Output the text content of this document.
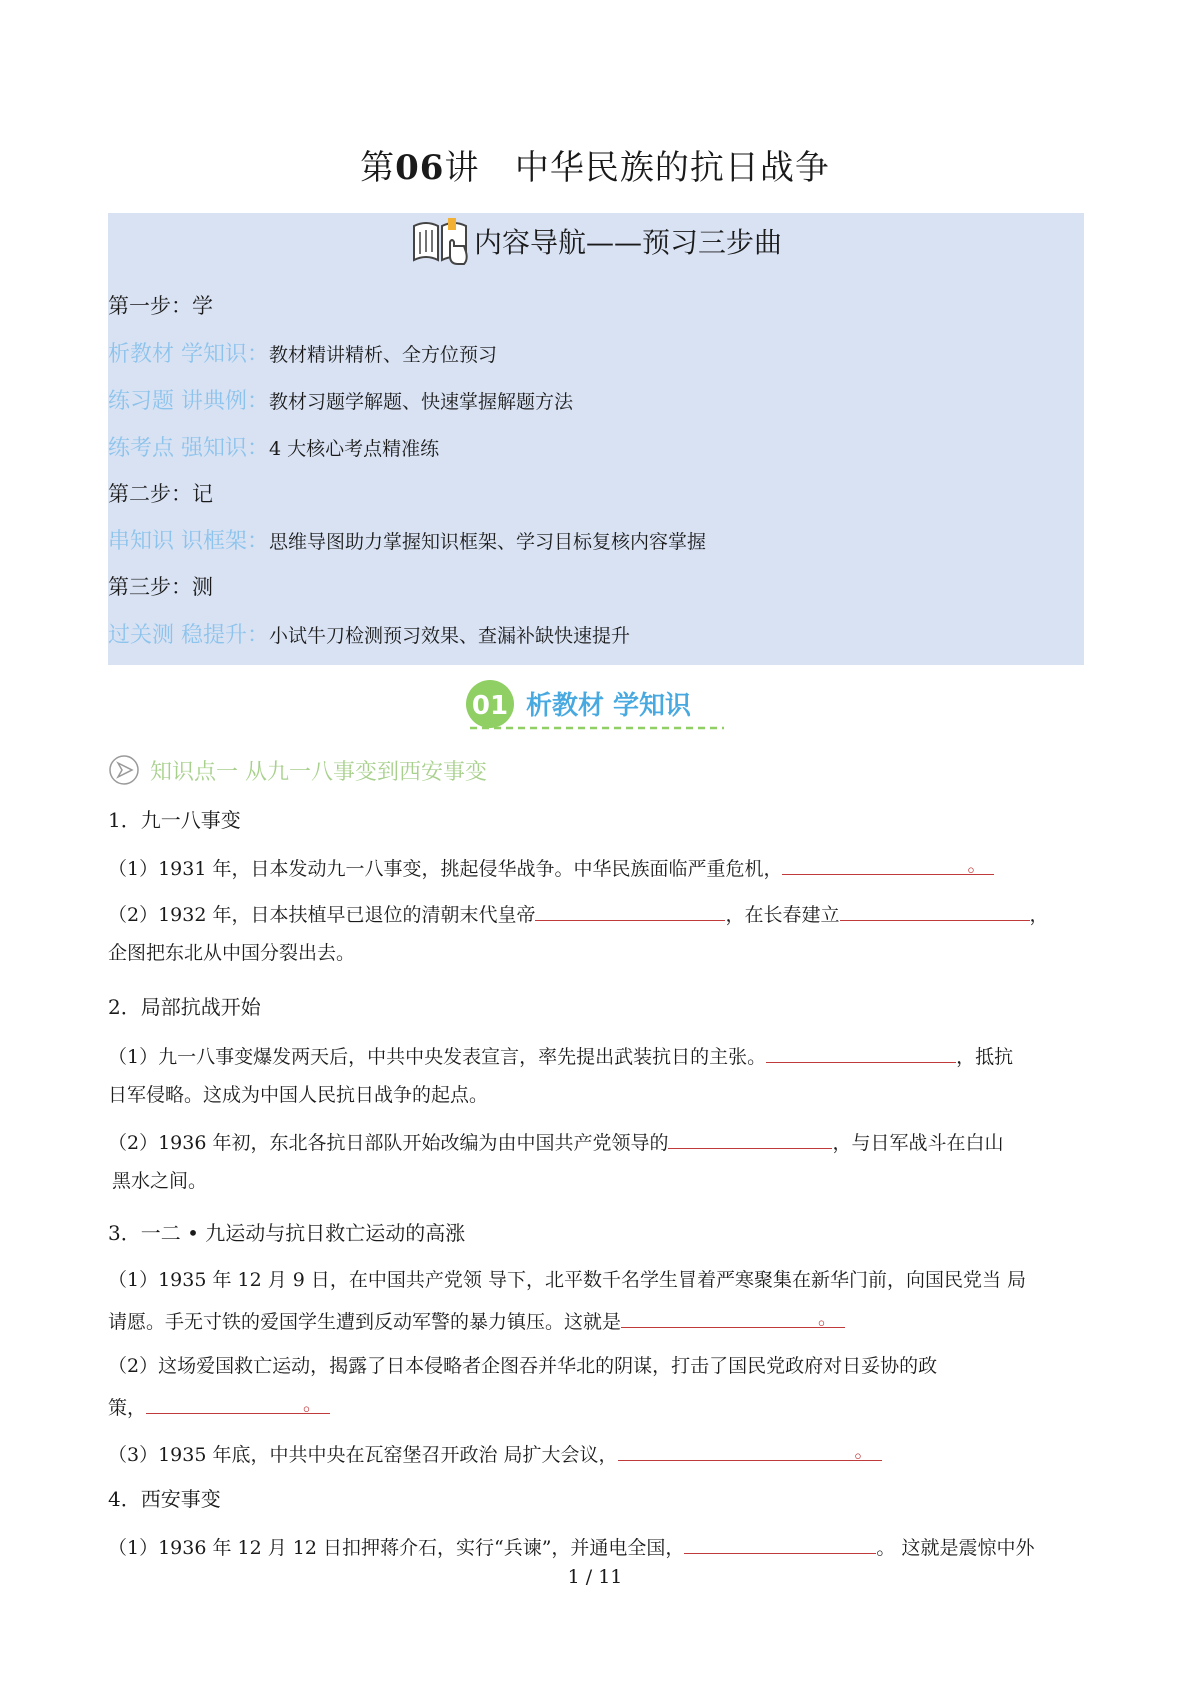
第06讲 中华民族的抗日战争
内容导航——预习三步曲
第一步：学
析教材 学知识：教材精讲精析、全方位预习
练习题 讲典例：教材习题学解题、快速掌握解题方法
练考点 强知识：4 大核心考点精准练
第二步：记
串知识 识框架：思维导图助力掌握知识框架、学习目标复核内容掌握
第三步：测
过关测 稳提升：小试牛刀检测预习效果、查漏补缺快速提升
01 析教材 学知识
知识点一 从九一八事变到西安事变
1．九一八事变
（1）1931 年，日本发动九一八事变，挑起侵华战争。中华民族面临严重危机，	。
（2）1932 年，日本扶植早已退位的清朝末代皇帝	，在长春建立	，
企图把东北从中国分裂出去。
2．局部抗战开始
（1）九一八事变爆发两天后，中共中央发表宣言，率先提出武装抗日的主张。	，抵抗
日军侵略。这成为中国人民抗日战争的起点。
（2）1936 年初，东北各抗日部队开始改编为由中国共产党领导的	，与日军战斗在白山
黑水之间。
3．一二 • 九运动与抗日救亡运动的高涨
（1）1935 年 12 月 9 日，在中国共产党领 导下，北平数千名学生冒着严寒聚集在新华门前，向国民党当 局
请愿。手无寸铁的爱国学生遭到反动军警的暴力镇压。这就是	。
（2）这场爱国救亡运动，揭露了日本侵略者企图吞并华北的阴谋，打击了国民党政府对日妥协的政
策，	。
（3）1935 年底，中共中央在瓦窑堡召开政治 局扩大会议，	。
4．西安事变
（1）1936 年 12 月 12 日扣押蒋介石，实行“兵谏”，并通电全国，	。 这就是震惊中外
1 / 11
